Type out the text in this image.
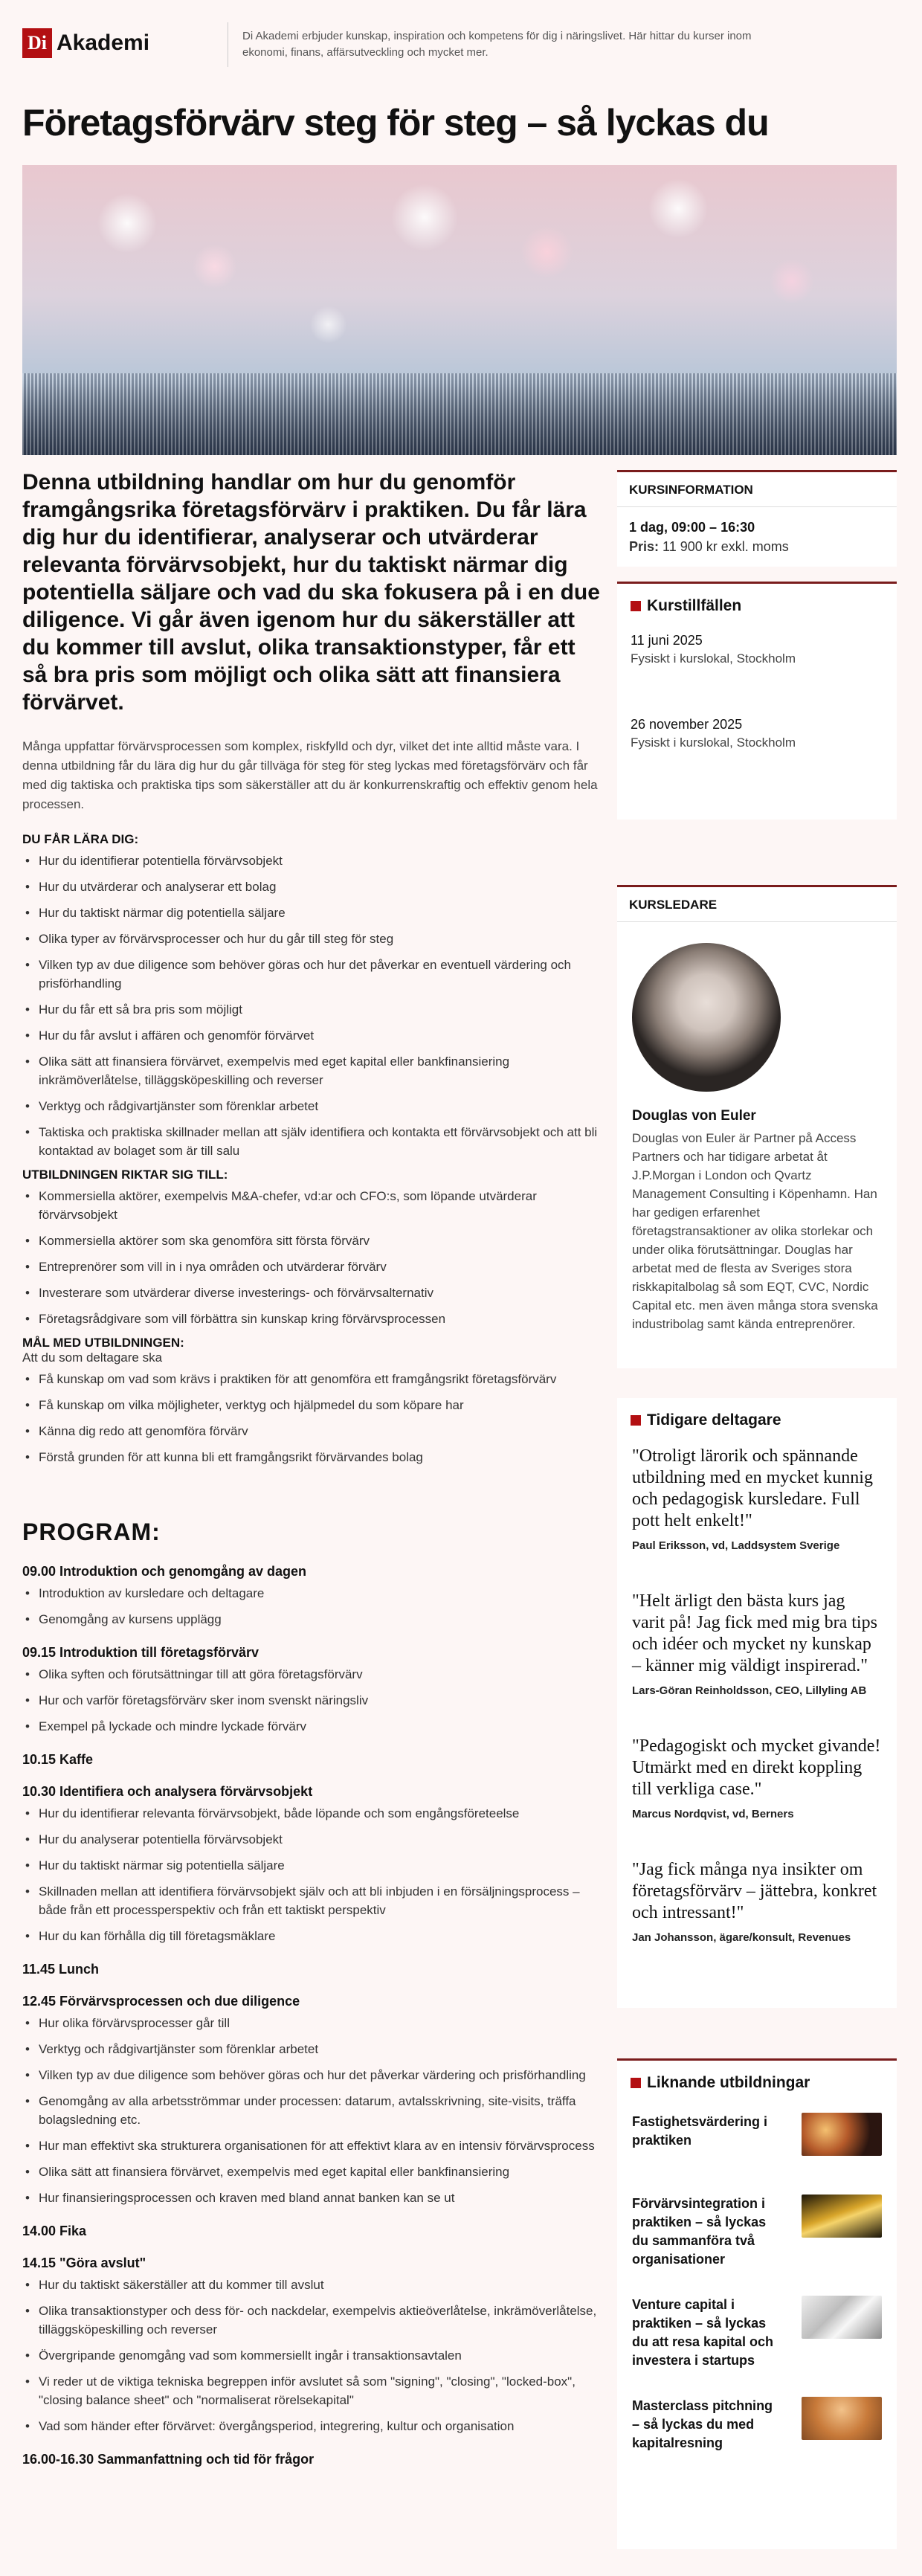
Di Akademi	Di Akademi erbjuder kunskap, inspiration och kompetens för dig i näringslivet. Här hittar du kurser inom ekonomi, finans, affärsutveckling och mycket mer.
Företagsförvärv steg för steg – så lyckas du

Denna utbildning handlar om hur du genomför framgångsrika företagsförvärv i praktiken. Du får lära dig hur du identifierar, analyserar och utvärderar relevanta förvärvsobjekt, hur du taktiskt närmar dig potentiella säljare och vad du ska fokusera på i en due diligence. Vi går även igenom hur du säkerställer att du kommer till avslut, olika transaktionstyper, får ett så bra pris som möjligt och olika sätt att finansiera förvärvet.

Många uppfattar förvärvsprocessen som komplex, riskfylld och dyr, vilket det inte alltid måste vara. I denna utbildning får du lära dig hur du går tillväga för steg för steg lyckas med företagsförvärv och får med dig taktiska och praktiska tips som säkerställer att du är konkurrenskraftig och effektiv genom hela processen.

DU FÅR LÄRA DIG:
• Hur du identifierar potentiella förvärvsobjekt
• Hur du utvärderar och analyserar ett bolag
• Hur du taktiskt närmar dig potentiella säljare
• Olika typer av förvärvsprocesser och hur du går till steg för steg
• Vilken typ av due diligence som behöver göras och hur det påverkar en eventuell värdering och prisförhandling
• Hur du får ett så bra pris som möjligt
• Hur du får avslut i affären och genomför förvärvet
• Olika sätt att finansiera förvärvet, exempelvis med eget kapital eller bankfinansiering inkrämöverlåtelse, tilläggsköpeskilling och reverser
• Verktyg och rådgivartjänster som förenklar arbetet
• Taktiska och praktiska skillnader mellan att själv identifiera och kontakta ett förvärvsobjekt och att bli kontaktad av bolaget som är till salu
UTBILDNINGEN RIKTAR SIG TILL:
• Kommersiella aktörer, exempelvis M&A-chefer, vd:ar och CFO:s, som löpande utvärderar förvärvsobjekt
• Kommersiella aktörer som ska genomföra sitt första förvärv
• Entreprenörer som vill in i nya områden och utvärderar förvärv
• Investerare som utvärderar diverse investerings- och förvärvsalternativ
• Företagsrådgivare som vill förbättra sin kunskap kring förvärvsprocessen
MÅL MED UTBILDNINGEN:
Att du som deltagare ska
• Få kunskap om vad som krävs i praktiken för att genomföra ett framgångsrikt företagsförvärv
• Få kunskap om vilka möjligheter, verktyg och hjälpmedel du som köpare har
• Känna dig redo att genomföra förvärv
• Förstå grunden för att kunna bli ett framgångsrikt förvärvandes bolag
PROGRAM:
09.00 Introduktion och genomgång av dagen
• Introduktion av kursledare och deltagare
• Genomgång av kursens upplägg
09.15 Introduktion till företagsförvärv
• Olika syften och förutsättningar till att göra företagsförvärv
• Hur och varför företagsförvärv sker inom svenskt näringsliv
• Exempel på lyckade och mindre lyckade förvärv
10.15 Kaffe
10.30 Identifiera och analysera förvärvsobjekt
• Hur du identifierar relevanta förvärvsobjekt, både löpande och som engångsföreteelse
• Hur du analyserar potentiella förvärvsobjekt
• Hur du taktiskt närmar sig potentiella säljare
• Skillnaden mellan att identifiera förvärvsobjekt själv och att bli inbjuden i en försäljningsprocess – både från ett processperspektiv och från ett taktiskt perspektiv
• Hur du kan förhålla dig till företagsmäklare
11.45 Lunch
12.45 Förvärvsprocessen och due diligence
• Hur olika förvärvsprocesser går till
• Verktyg och rådgivartjänster som förenklar arbetet
• Vilken typ av due diligence som behöver göras och hur det påverkar värdering och prisförhandling
• Genomgång av alla arbetsströmmar under processen: datarum, avtalsskrivning, site-visits, träffa bolagsledning etc.
• Hur man effektivt ska strukturera organisationen för att effektivt klara av en intensiv förvärvsprocess
• Olika sätt att finansiera förvärvet, exempelvis med eget kapital eller bankfinansiering
• Hur finansieringsprocessen och kraven med bland annat banken kan se ut
14.00 Fika
14.15 "Göra avslut"
• Hur du taktiskt säkerställer att du kommer till avslut
• Olika transaktionstyper och dess för- och nackdelar, exempelvis aktieöverlåtelse, inkrämöverlåtelse, tilläggsköpeskilling och reverser
• Övergripande genomgång vad som kommersiellt ingår i transaktionsavtalen
• Vi reder ut de viktiga tekniska begreppen inför avslutet så som "signing", "closing", "locked-box", "closing balance sheet" och "normaliserat rörelsekapital"
• Vad som händer efter förvärvet: övergångsperiod, integrering, kultur och organisation
16.00-16.30 Sammanfattning och tid för frågor
KURSINFORMATION
1 dag, 09:00 – 16:30
Pris: 11 900 kr exkl. moms
Kurstillfällen
11 juni 2025
Fysiskt i kurslokal, Stockholm
26 november 2025
Fysiskt i kurslokal, Stockholm
KURSLEDARE
Douglas von Euler
Douglas von Euler är Partner på Access Partners och har tidigare arbetat åt J.P.Morgan i London och Qvartz Management Consulting i Köpenhamn. Han har gedigen erfarenhet företagstransaktioner av olika storlekar och under olika förutsättningar. Douglas har arbetat med de flesta av Sveriges stora riskkapitalbolag så som EQT, CVC, Nordic Capital etc. men även många stora svenska industribolag samt kända entreprenörer.
Tidigare deltagare
"Otroligt lärorik och spännande utbildning med en mycket kunnig och pedagogisk kursledare. Full pott helt enkelt!"
Paul Eriksson, vd, Laddsystem Sverige
"Helt ärligt den bästa kurs jag varit på! Jag fick med mig bra tips och idéer och mycket ny kunskap – känner mig väldigt inspirerad."
Lars-Göran Reinholdsson, CEO, Lillyling AB
"Pedagogiskt och mycket givande! Utmärkt med en direkt koppling till verkliga case."
Marcus Nordqvist, vd, Berners
"Jag fick många nya insikter om företagsförvärv – jättebra, konkret och intressant!"
Jan Johansson, ägare/konsult, Revenues
Liknande utbildningar
Fastighetsvärdering i praktiken
Förvärvsintegration i praktiken – så lyckas du sammanföra två organisationer
Venture capital i praktiken – så lyckas du att resa kapital och investera i startups
Masterclass pitchning – så lyckas du med kapitalresning
